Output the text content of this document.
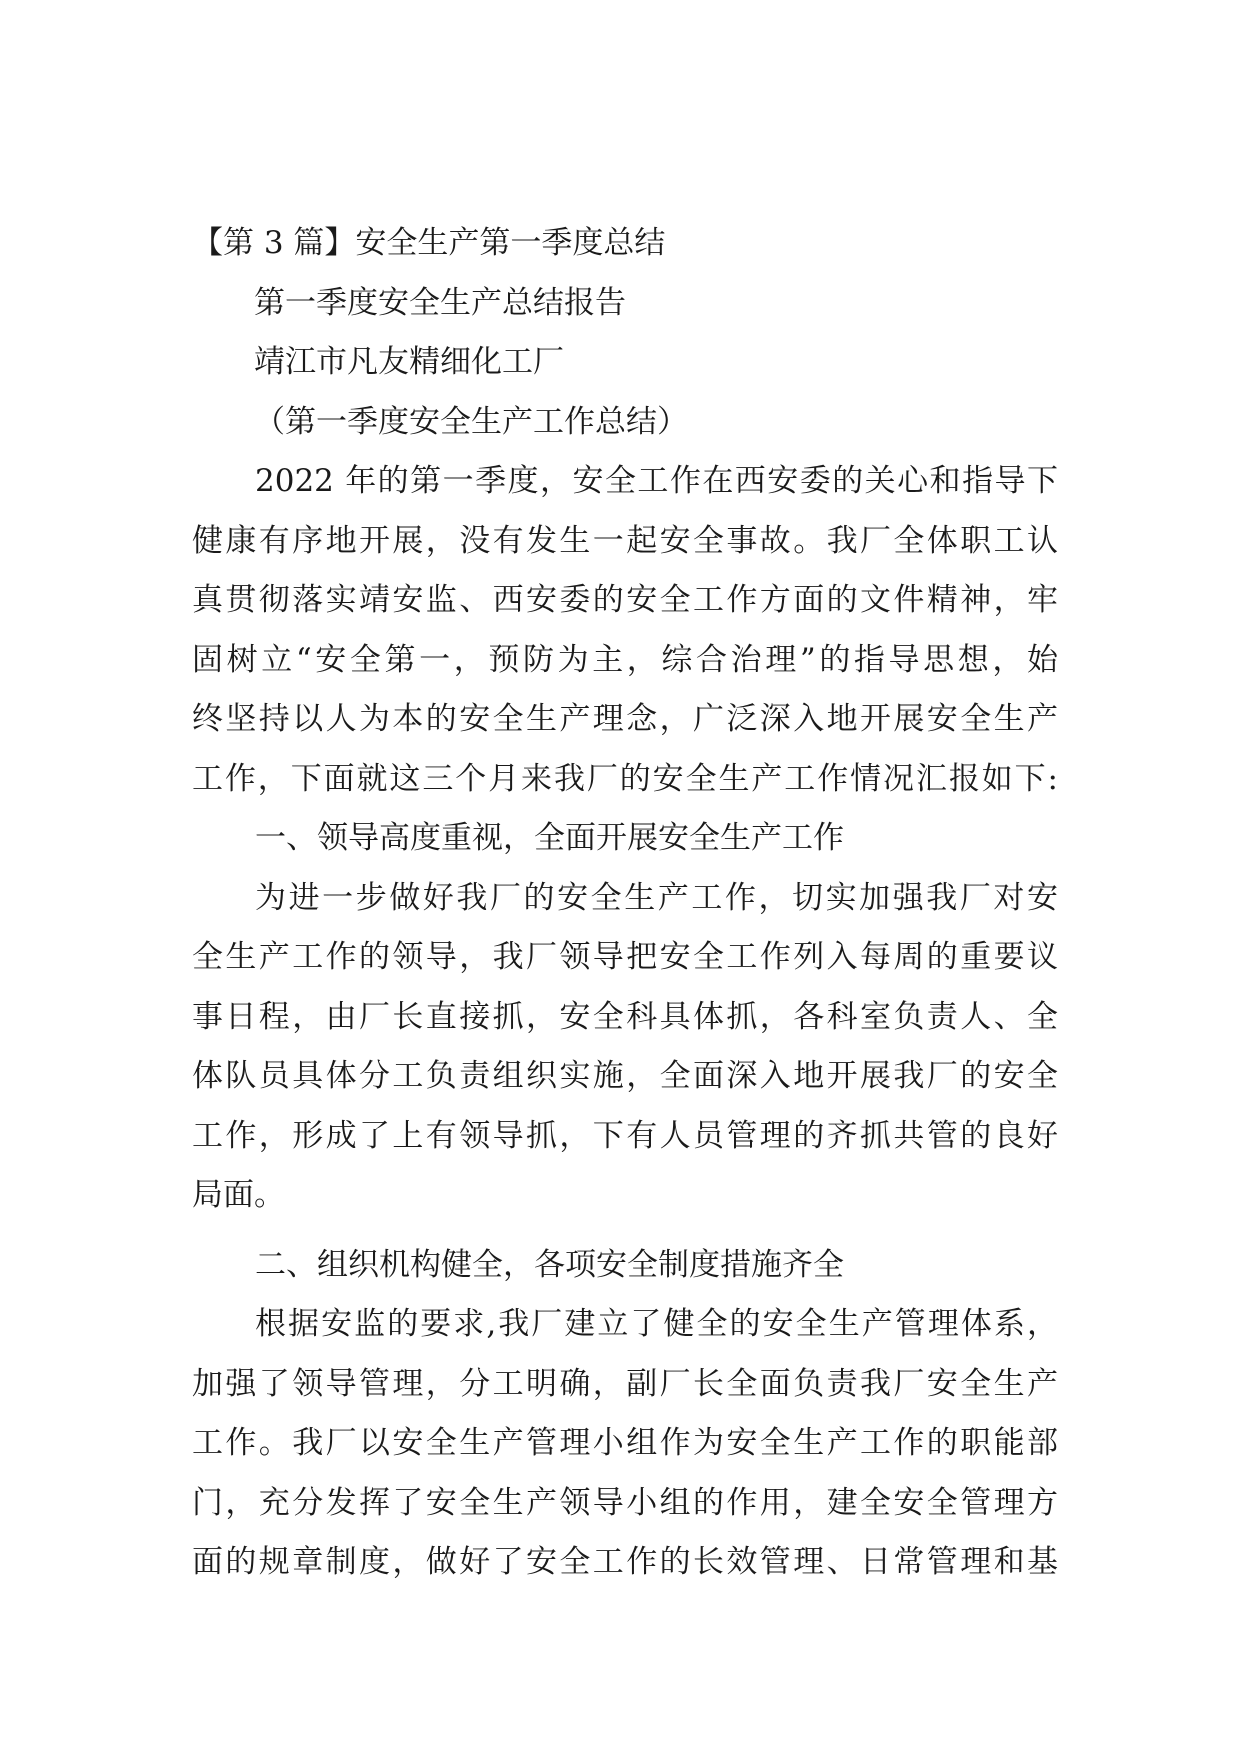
【第 3 篇】安全生产第一季度总结
第一季度安全生产总结报告
靖江市凡友精细化工厂
（第一季度安全生产工作总结）
2022 年的第一季度，安全工作在西安委的关心和指导下
健康有序地开展，没有发生一起安全事故。我厂全体职工认
真贯彻落实靖安监、西安委的安全工作方面的文件精神，牢
固树立“安全第一，预防为主，综合治理”的指导思想，始
终坚持以人为本的安全生产理念，广泛深入地开展安全生产
工作，下面就这三个月来我厂的安全生产工作情况汇报如下:
一、领导高度重视，全面开展安全生产工作
为进一步做好我厂的安全生产工作，切实加强我厂对安
全生产工作的领导，我厂领导把安全工作列入每周的重要议
事日程，由厂长直接抓，安全科具体抓，各科室负责人、全
体队员具体分工负责组织实施，全面深入地开展我厂的安全
工作，形成了上有领导抓，下有人员管理的齐抓共管的良好
局面。
二、组织机构健全，各项安全制度措施齐全
根据安监的要求,我厂建立了健全的安全生产管理体系，
加强了领导管理，分工明确，副厂长全面负责我厂安全生产
工作。我厂以安全生产管理小组作为安全生产工作的职能部
门，充分发挥了安全生产领导小组的作用，建全安全管理方
面的规章制度，做好了安全工作的长效管理、日常管理和基
